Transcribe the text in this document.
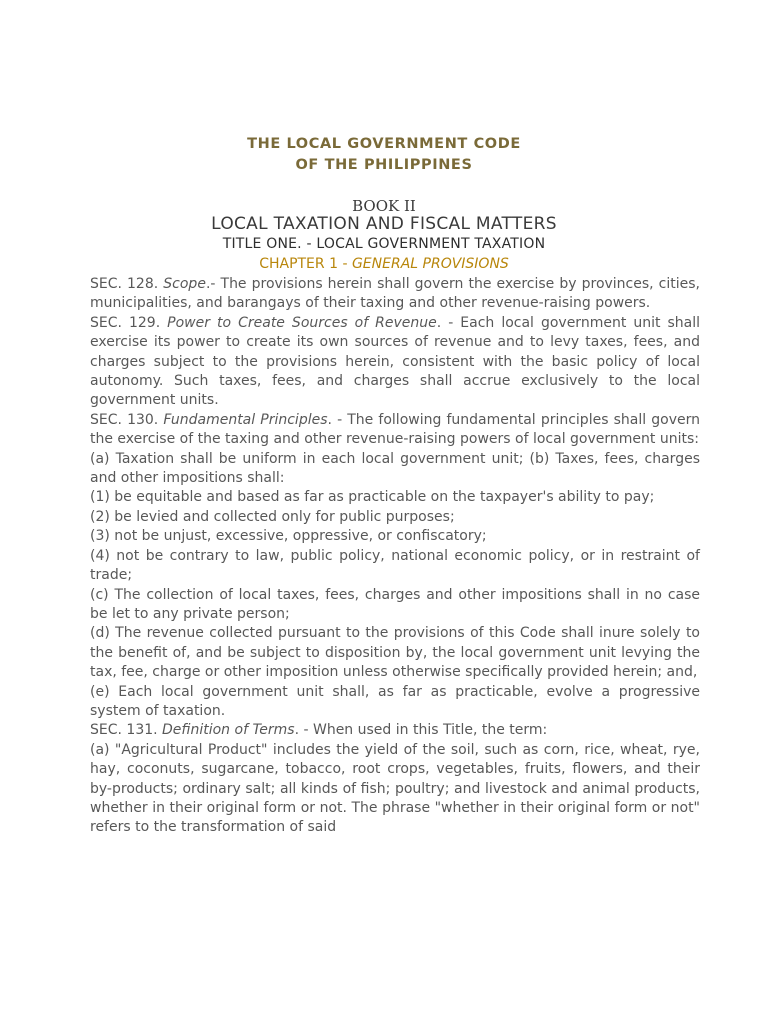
THE LOCAL GOVERNMENT CODE
OF THE PHILIPPINES
BOOK II
LOCAL TAXATION AND FISCAL MATTERS
TITLE ONE. - LOCAL GOVERNMENT TAXATION
CHAPTER 1 - GENERAL PROVISIONS

SEC. 128. Scope.- The provisions herein shall govern the exercise by provinces, cities, municipalities, and barangays of their taxing and other revenue-raising powers.

SEC. 129. Power to Create Sources of Revenue. - Each local government unit shall exercise its power to create its own sources of revenue and to levy taxes, fees, and charges subject to the provisions herein, consistent with the basic policy of local autonomy. Such taxes, fees, and charges shall accrue exclusively to the local government units.

SEC. 130. Fundamental Principles. - The following fundamental principles shall govern the exercise of the taxing and other revenue-raising powers of local government units:

(a) Taxation shall be uniform in each local government unit; (b) Taxes, fees, charges and other impositions shall:

(1) be equitable and based as far as practicable on the taxpayer's ability to pay;

(2) be levied and collected only for public purposes;

(3) not be unjust, excessive, oppressive, or confiscatory;

(4) not be contrary to law, public policy, national economic policy, or in restraint of trade;

(c) The collection of local taxes, fees, charges and other impositions shall in no case be let to any private person;

(d) The revenue collected pursuant to the provisions of this Code shall inure solely to the benefit of, and be subject to disposition by, the local government unit levying the tax, fee, charge or other imposition unless otherwise specifically provided herein; and,

(e) Each local government unit shall, as far as practicable, evolve a progressive system of taxation.

SEC. 131. Definition of Terms. - When used in this Title, the term:

(a) "Agricultural Product" includes the yield of the soil, such as corn, rice, wheat, rye, hay, coconuts, sugarcane, tobacco, root crops, vegetables, fruits, flowers, and their by-products; ordinary salt; all kinds of fish; poultry; and livestock and animal products, whether in their original form or not. The phrase "whether in their original form or not" refers to the transformation of said
